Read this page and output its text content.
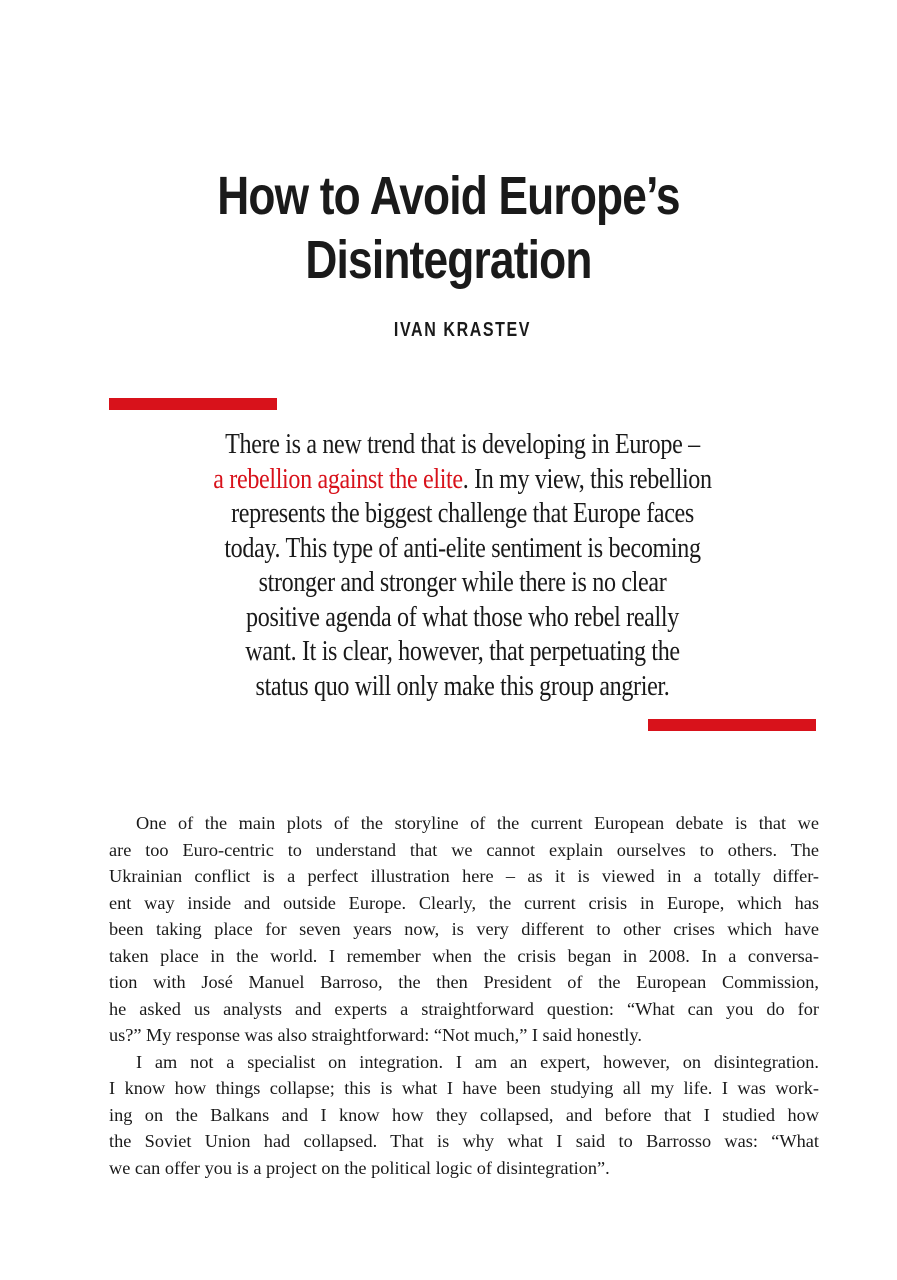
How to Avoid Europe’s
Disintegration
IVAN KRASTEV
There is a new trend that is developing in Europe –
a rebellion against the elite. In my view, this rebellion
represents the biggest challenge that Europe faces
today. This type of anti-elite sentiment is becoming
stronger and stronger while there is no clear
positive agenda of what those who rebel really
want. It is clear, however, that perpetuating the
status quo will only make this group angrier.
One of the main plots of the storyline of the current European debate is that we
are too Euro-centric to understand that we cannot explain ourselves to others. The
Ukrainian conflict is a perfect illustration here – as it is viewed in a totally differ-
ent way inside and outside Europe. Clearly, the current crisis in Europe, which has
been taking place for seven years now, is very different to other crises which have
taken place in the world. I remember when the crisis began in 2008. In a conversa-
tion with José Manuel Barroso, the then President of the European Commission,
he asked us analysts and experts a straightforward question: “What can you do for
us?” My response was also straightforward: “Not much,” I said honestly.
I am not a specialist on integration. I am an expert, however, on disintegration.
I know how things collapse; this is what I have been studying all my life. I was work-
ing on the Balkans and I know how they collapsed, and before that I studied how
the Soviet Union had collapsed. That is why what I said to Barrosso was: “What
we can offer you is a project on the political logic of disintegration”.
